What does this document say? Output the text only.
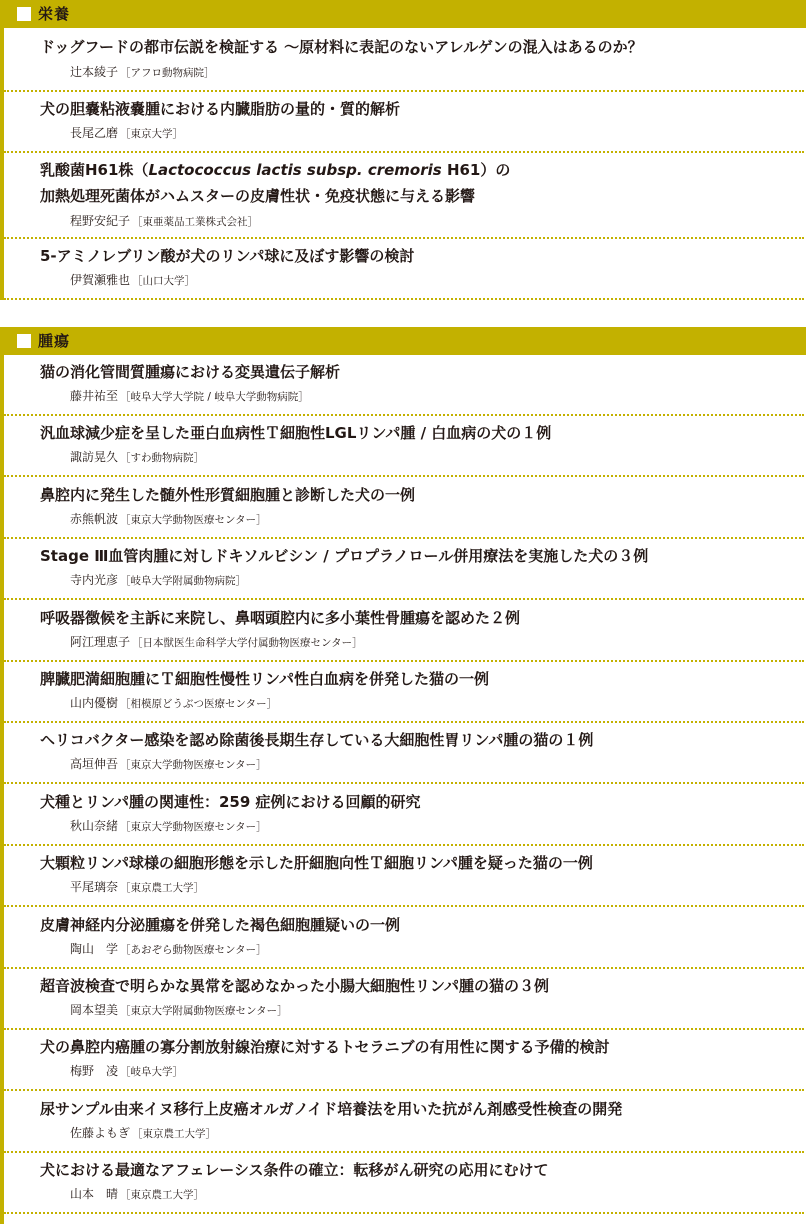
栄養
ドッグフードの都市伝説を検証する ～原材料に表記のないアレルゲンの混入はあるのか？
辻本綾子 ［アフロ動物病院］
犬の胆嚢粘液嚢腫における内臓脂肪の量的・質的解析
長尾乙磨 ［東京大学］
乳酸菌H61株（Lactococcus lactis subsp. cremoris H61）の
加熱処理死菌体がハムスターの皮膚性状・免疫状態に与える影響
程野安紀子 ［東亜薬品工業株式会社］
5-アミノレブリン酸が犬のリンパ球に及ぼす影響の検討
伊賀瀬雅也 ［山口大学］
腫瘍
猫の消化管間質腫瘍における変異遺伝子解析
藤井祐至 ［岐阜大学大学院 / 岐阜大学動物病院］
汎血球減少症を呈した亜白血病性Ｔ細胞性LGLリンパ腫 / 白血病の犬の１例
諏訪晃久 ［すわ動物病院］
鼻腔内に発生した髄外性形質細胞腫と診断した犬の一例
赤熊帆波 ［東京大学動物医療センター］
Stage Ⅲ血管肉腫に対しドキソルビシン / プロプラノロール併用療法を実施した犬の３例
寺内光彦 ［岐阜大学附属動物病院］
呼吸器徴候を主訴に来院し、鼻咽頭腔内に多小葉性骨腫瘍を認めた２例
阿江理恵子 ［日本獣医生命科学大学付属動物医療センター］
脾臓肥満細胞腫にＴ細胞性慢性リンパ性白血病を併発した猫の一例
山内優樹 ［相模原どうぶつ医療センター］
ヘリコバクター感染を認め除菌後長期生存している大細胞性胃リンパ腫の猫の１例
高垣伸吾 ［東京大学動物医療センター］
犬種とリンパ腫の関連性：259 症例における回顧的研究
秋山奈緒 ［東京大学動物医療センター］
大顆粒リンパ球様の細胞形態を示した肝細胞向性Ｔ細胞リンパ腫を疑った猫の一例
平尾璃奈 ［東京農工大学］
皮膚神経内分泌腫瘍を併発した褐色細胞腫疑いの一例
陶山　学 ［あおぞら動物医療センター］
超音波検査で明らかな異常を認めなかった小腸大細胞性リンパ腫の猫の３例
岡本望美 ［東京大学附属動物医療センター］
犬の鼻腔内癌腫の寡分割放射線治療に対するトセラニブの有用性に関する予備的検討
梅野　凌 ［岐阜大学］
尿サンプル由来イヌ移行上皮癌オルガノイド培養法を用いた抗がん剤感受性検査の開発
佐藤よもぎ ［東京農工大学］
犬における最適なアフェレーシス条件の確立：転移がん研究の応用にむけて
山本　晴 ［東京農工大学］
